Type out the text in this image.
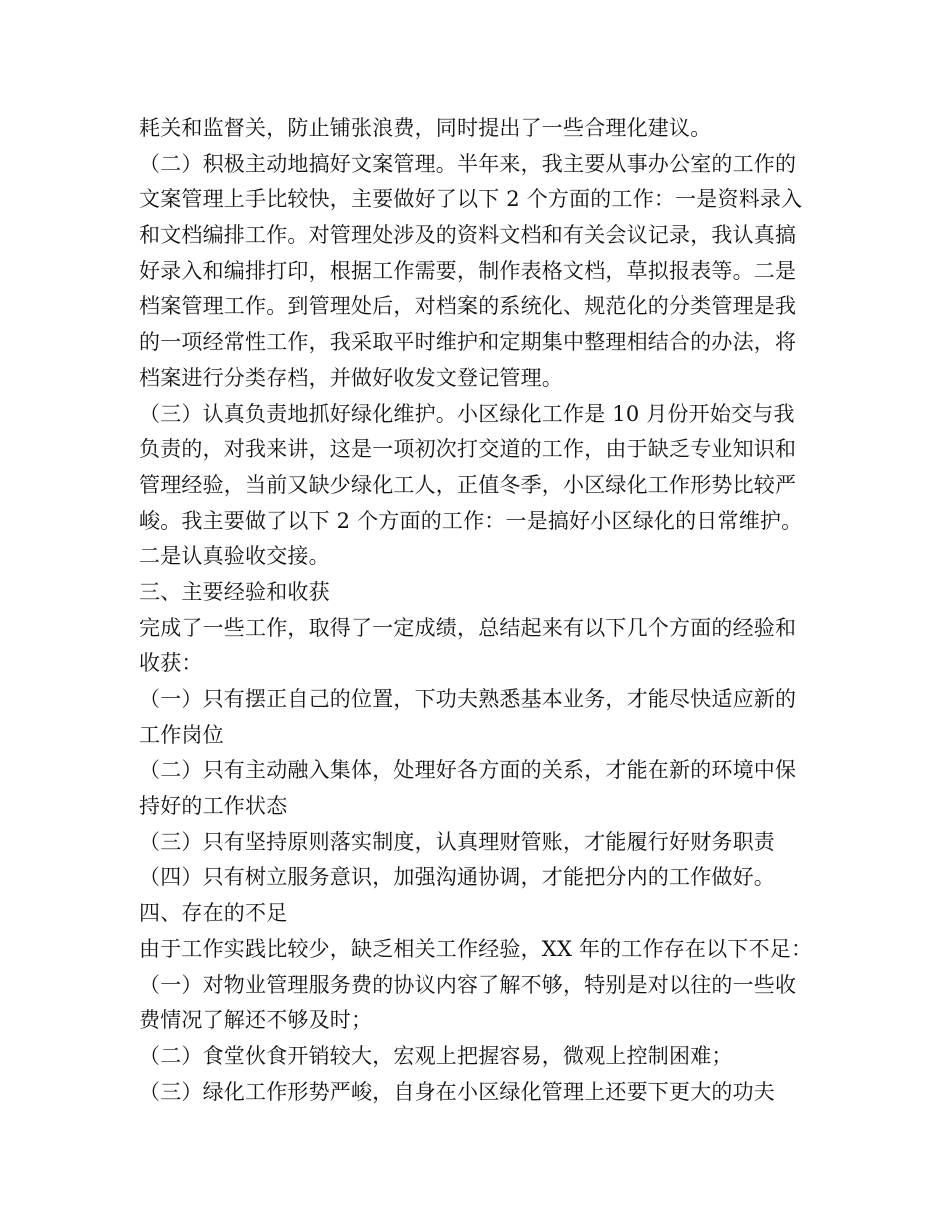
耗关和监督关，防止铺张浪费，同时提出了一些合理化建议。
（二）积极主动地搞好文案管理。半年来，我主要从事办公室的工作的
文案管理上手比较快，主要做好了以下 2 个方面的工作：一是资料录入
和文档编排工作。对管理处涉及的资料文档和有关会议记录，我认真搞
好录入和编排打印，根据工作需要，制作表格文档，草拟报表等。二是
档案管理工作。到管理处后，对档案的系统化、规范化的分类管理是我
的一项经常性工作，我采取平时维护和定期集中整理相结合的办法，将
档案进行分类存档，并做好收发文登记管理。
（三）认真负责地抓好绿化维护。小区绿化工作是 10 月份开始交与我
负责的，对我来讲，这是一项初次打交道的工作，由于缺乏专业知识和
管理经验，当前又缺少绿化工人，正值冬季，小区绿化工作形势比较严
峻。我主要做了以下 2 个方面的工作：一是搞好小区绿化的日常维护。
二是认真验收交接。
三、主要经验和收获
完成了一些工作，取得了一定成绩，总结起来有以下几个方面的经验和
收获：
（一）只有摆正自己的位置，下功夫熟悉基本业务，才能尽快适应新的
工作岗位
（二）只有主动融入集体，处理好各方面的关系，才能在新的环境中保
持好的工作状态
（三）只有坚持原则落实制度，认真理财管账，才能履行好财务职责
（四）只有树立服务意识，加强沟通协调，才能把分内的工作做好。
四、存在的不足
由于工作实践比较少，缺乏相关工作经验，XX 年的工作存在以下不足：
（一）对物业管理服务费的协议内容了解不够，特别是对以往的一些收
费情况了解还不够及时；
（二）食堂伙食开销较大，宏观上把握容易，微观上控制困难；
（三）绿化工作形势严峻，自身在小区绿化管理上还要下更大的功夫
